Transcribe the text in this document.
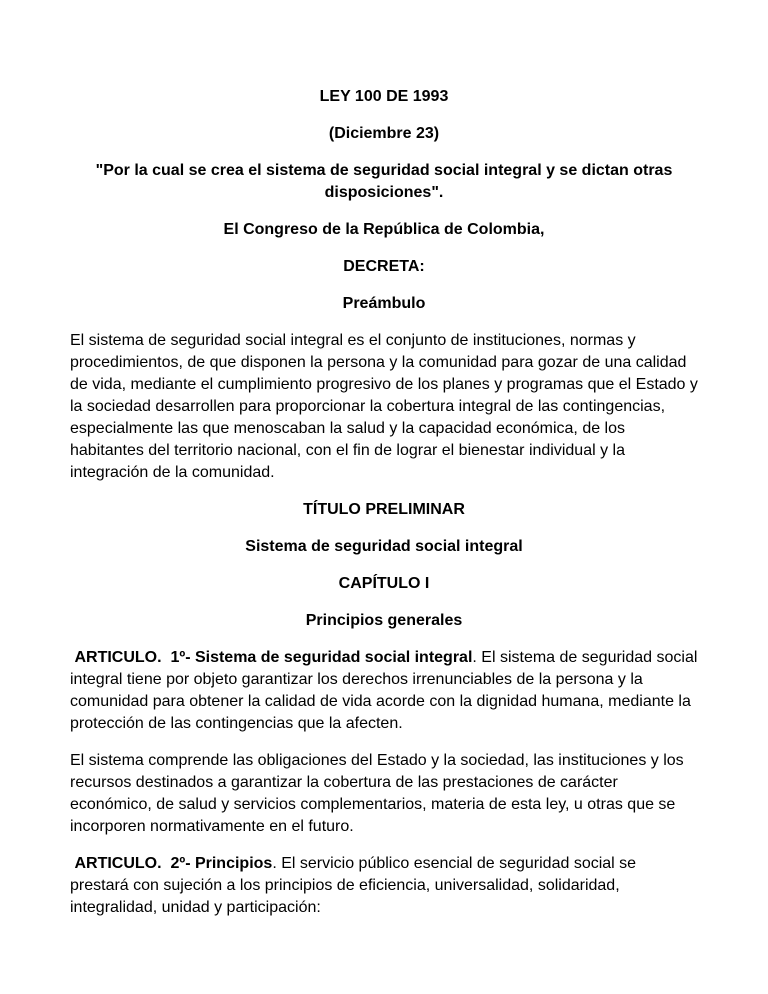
LEY 100 DE 1993

(Diciembre 23)

"Por la cual se crea el sistema de seguridad social integral y se dictan otras disposiciones".

El Congreso de la República de Colombia,

DECRETA:

Preámbulo

El sistema de seguridad social integral es el conjunto de instituciones, normas y procedimientos, de que disponen la persona y la comunidad para gozar de una calidad de vida, mediante el cumplimiento progresivo de los planes y programas que el Estado y la sociedad desarrollen para proporcionar la cobertura integral de las contingencias, especialmente las que menoscaban la salud y la capacidad económica, de los habitantes del territorio nacional, con el fin de lograr el bienestar individual y la integración de la comunidad.

TÍTULO PRELIMINAR

Sistema de seguridad social integral

CAPÍTULO I

Principios generales

ARTICULO.  1º- Sistema de seguridad social integral. El sistema de seguridad social integral tiene por objeto garantizar los derechos irrenunciables de la persona y la comunidad para obtener la calidad de vida acorde con la dignidad humana, mediante la protección de las contingencias que la afecten.

El sistema comprende las obligaciones del Estado y la sociedad, las instituciones y los recursos destinados a garantizar la cobertura de las prestaciones de carácter económico, de salud y servicios complementarios, materia de esta ley, u otras que se incorporen normativamente en el futuro.

ARTICULO.  2º- Principios. El servicio público esencial de seguridad social se prestará con sujeción a los principios de eficiencia, universalidad, solidaridad, integralidad, unidad y participación:
